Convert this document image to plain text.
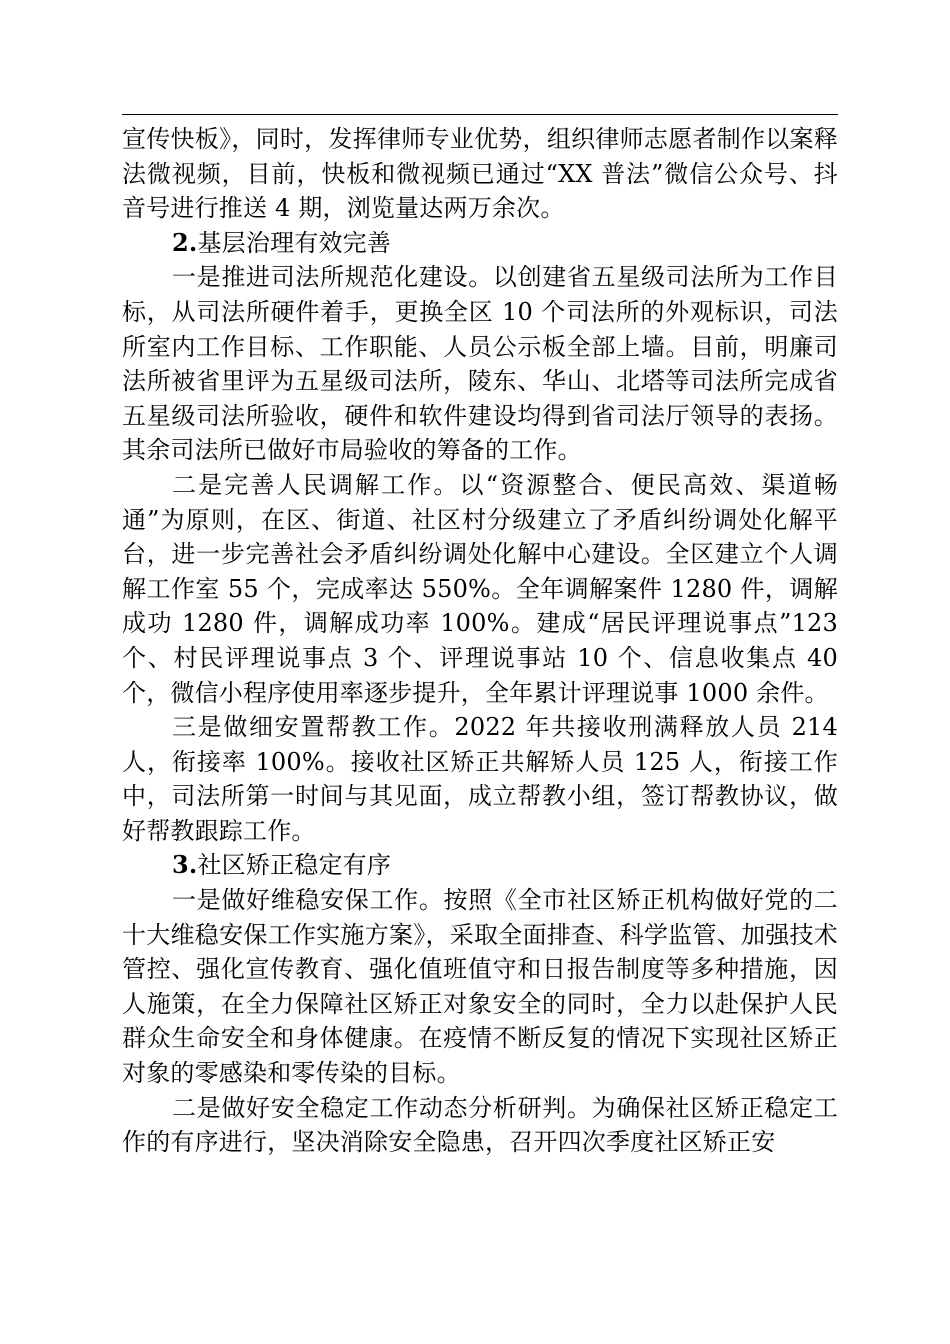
宣传快板》，同时，发挥律师专业优势，组织律师志愿者制作以案释法微视频，目前，快板和微视频已通过“XX 普法”微信公众号、抖音号进行推送 4 期，浏览量达两万余次。

2.基层治理有效完善

一是推进司法所规范化建设。以创建省五星级司法所为工作目标，从司法所硬件着手，更换全区 10 个司法所的外观标识，司法所室内工作目标、工作职能、人员公示板全部上墙。目前，明廉司法所被省里评为五星级司法所，陵东、华山、北塔等司法所完成省五星级司法所验收，硬件和软件建设均得到省司法厅领导的表扬。其余司法所已做好市局验收的筹备的工作。

二是完善人民调解工作。以“资源整合、便民高效、渠道畅通”为原则，在区、街道、社区村分级建立了矛盾纠纷调处化解平台，进一步完善社会矛盾纠纷调处化解中心建设。全区建立个人调解工作室 55 个，完成率达 550%。全年调解案件 1280 件，调解成功 1280 件，调解成功率 100%。建成“居民评理说事点”123 个、村民评理说事点 3 个、评理说事站 10 个、信息收集点 40 个，微信小程序使用率逐步提升，全年累计评理说事 1000 余件。

三是做细安置帮教工作。2022 年共接收刑满释放人员 214 人，衔接率 100%。接收社区矫正共解矫人员 125 人，衔接工作中，司法所第一时间与其见面，成立帮教小组，签订帮教协议，做好帮教跟踪工作。

3.社区矫正稳定有序

一是做好维稳安保工作。按照《全市社区矫正机构做好党的二十大维稳安保工作实施方案》，采取全面排查、科学监管、加强技术管控、强化宣传教育、强化值班值守和日报告制度等多种措施，因人施策，在全力保障社区矫正对象安全的同时，全力以赴保护人民群众生命安全和身体健康。在疫情不断反复的情况下实现社区矫正对象的零感染和零传染的目标。

二是做好安全稳定工作动态分析研判。为确保社区矫正稳定工作的有序进行，坚决消除安全隐患，召开四次季度社区矫正安
